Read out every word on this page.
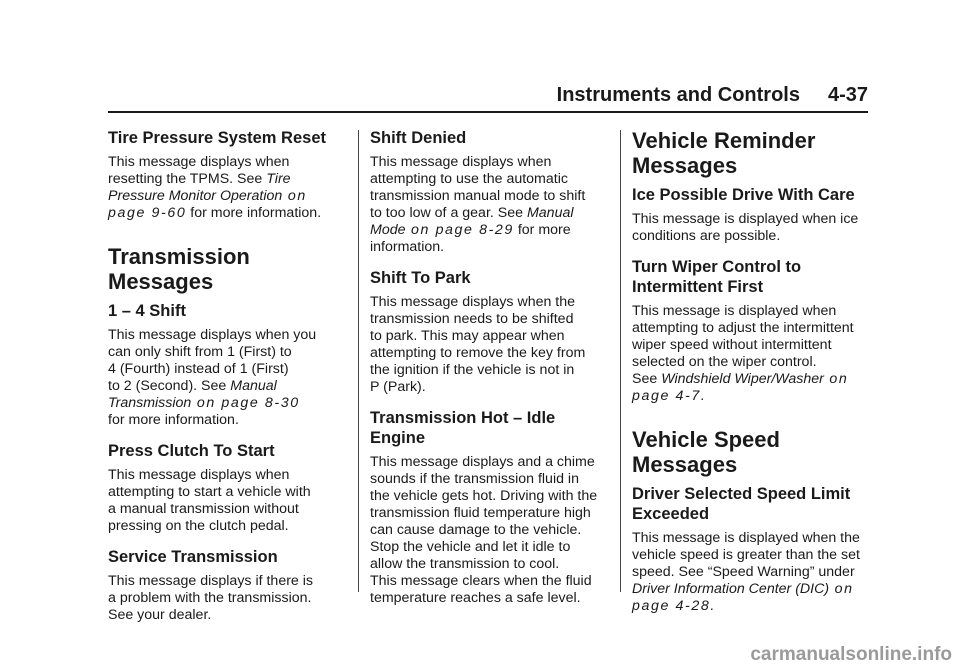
Instruments and Controls 4-37
Tire Pressure System Reset
This message displays when
resetting the TPMS. See Tire
Pressure Monitor Operation on
page 9-60 for more information.
Transmission Messages
1 – 4 Shift
This message displays when you
can only shift from 1 (First) to
4 (Fourth) instead of 1 (First)
to 2 (Second). See Manual
Transmission on page 8-30
for more information.
Press Clutch To Start
This message displays when
attempting to start a vehicle with
a manual transmission without
pressing on the clutch pedal.
Service Transmission
This message displays if there is
a problem with the transmission.
See your dealer.
Shift Denied
This message displays when
attempting to use the automatic
transmission manual mode to shift
to too low of a gear. See Manual
Mode on page 8-29 for more
information.
Shift To Park
This message displays when the
transmission needs to be shifted
to park. This may appear when
attempting to remove the key from
the ignition if the vehicle is not in
P (Park).
Transmission Hot – Idle
Engine
This message displays and a chime
sounds if the transmission fluid in
the vehicle gets hot. Driving with the
transmission fluid temperature high
can cause damage to the vehicle.
Stop the vehicle and let it idle to
allow the transmission to cool.
This message clears when the fluid
temperature reaches a safe level.
Vehicle Reminder
Messages
Ice Possible Drive With Care
This message is displayed when ice
conditions are possible.
Turn Wiper Control to
Intermittent First
This message is displayed when
attempting to adjust the intermittent
wiper speed without intermittent
selected on the wiper control.
See Windshield Wiper/Washer on
page 4-7.
Vehicle Speed Messages
Driver Selected Speed Limit
Exceeded
This message is displayed when the
vehicle speed is greater than the set
speed. See “Speed Warning” under
Driver Information Center (DIC) on
page 4-28.
carmanualsonline.info
